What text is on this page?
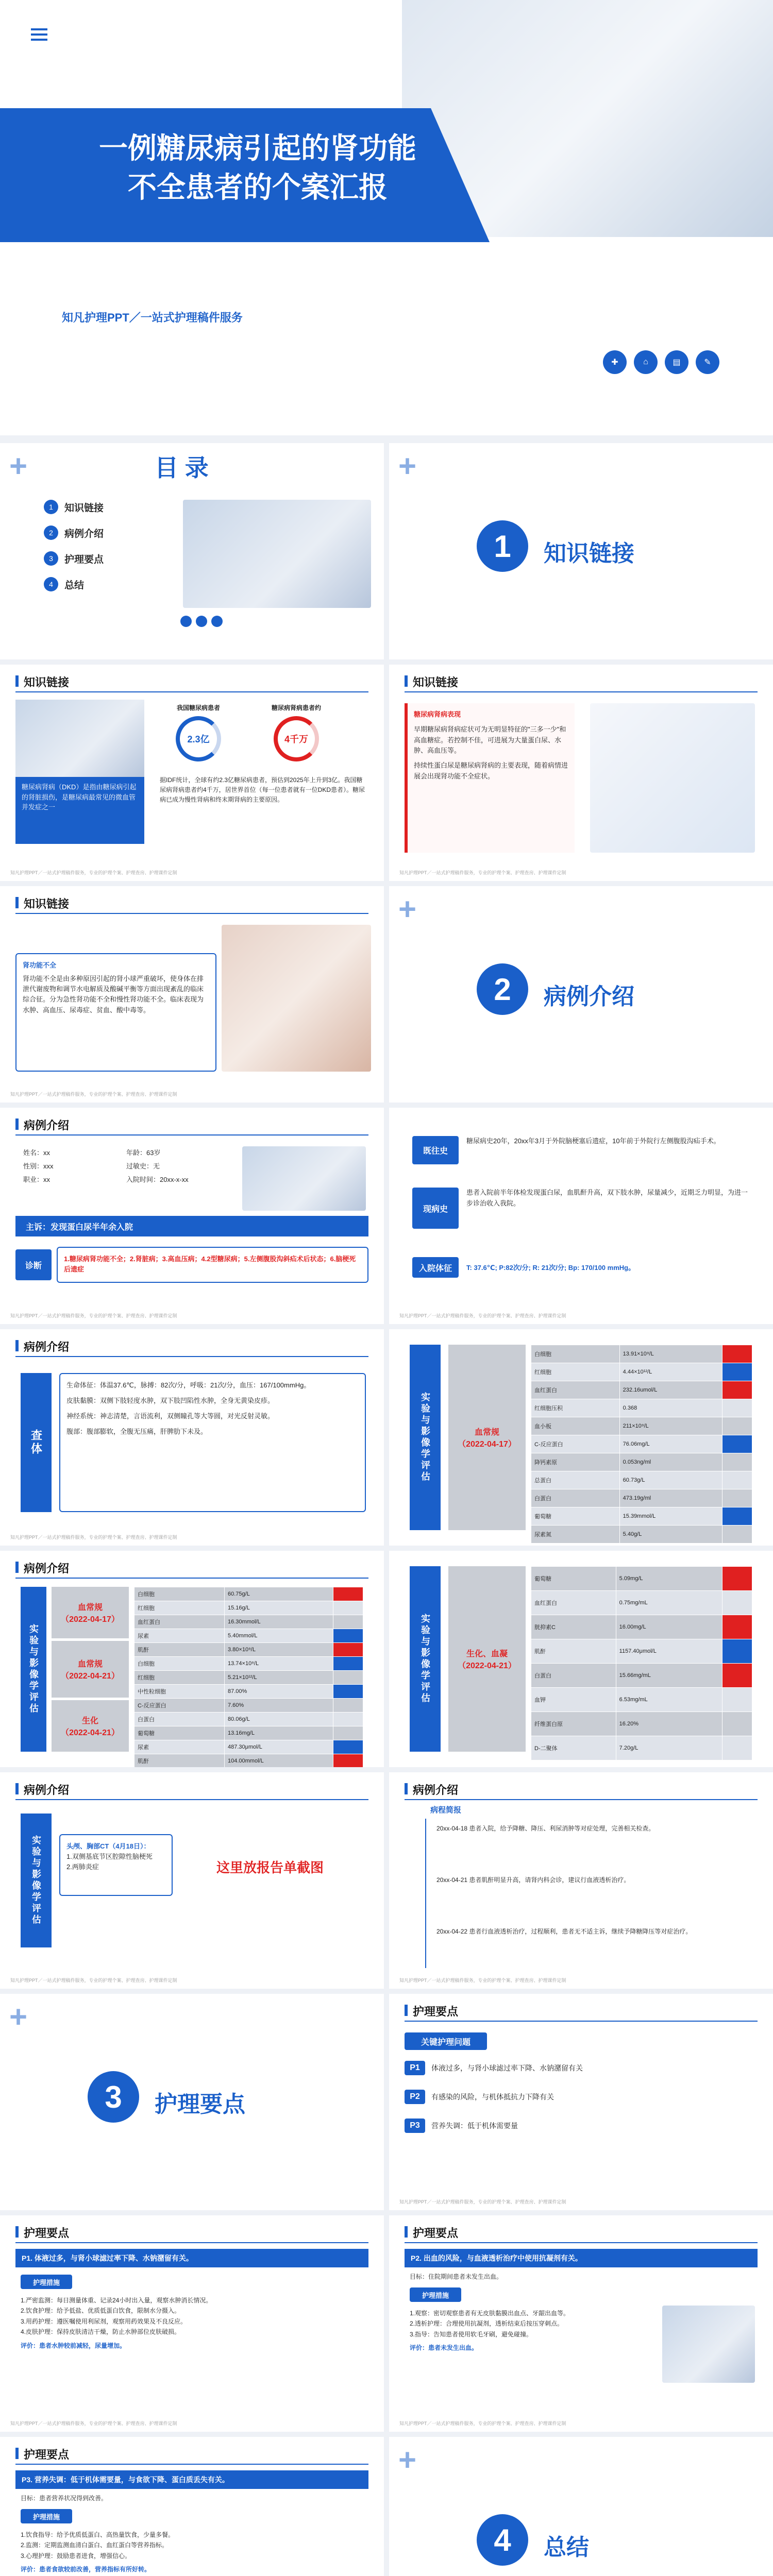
一例糖尿病引起的肾功能
不全患者的个案汇报
知凡护理PPT／一站式护理稿件服务
✚	⌂	▤	✎
+	目 录
1	知识链接
2	病例介绍
3	护理要点
4	总结
+
1	知识链接
知识链接
糖尿病肾病（DKD）是指由糖尿病引起的肾脏损伤，是糖尿病最常见的微血管并发症之一
我国糖尿病患者
2.3亿
糖尿病肾病患者约
4千万
据IDF统计，全球有约2.3亿糖尿病患者，预估到2025年上升到3亿。我国糖尿病肾病患者约4千万，居世界首位（每一位患者就有一位DKD患者）。糖尿病已成为慢性肾病和终末期肾病的主要原因。
知凡护理PPT／一站式护理稿件服务，专业的护理个案、护理查房、护理课件定制
知识链接
糖尿病肾病表现
早期糖尿病肾病症状可为无明显特征的"三多一少"和高血糖症。若控制不佳，可进展为大量蛋白尿、水肿、高血压等。
持续性蛋白尿是糖尿病肾病的主要表现，随着病情进展会出现肾功能不全症状。
知凡护理PPT／一站式护理稿件服务，专业的护理个案、护理查房、护理课件定制
知识链接
肾功能不全
肾功能不全是由多种原因引起的肾小球严重破坏，使身体在排泄代谢废物和调节水电解质及酸碱平衡等方面出现紊乱的临床综合征。分为急性肾功能不全和慢性肾功能不全。临床表现为水肿、高血压、尿毒症、贫血、酸中毒等。
知凡护理PPT／一站式护理稿件服务，专业的护理个案、护理查房、护理课件定制
+
2	病例介绍
病例介绍
姓名：xx	年龄：63岁
性别：xxx	过敏史：无
职业：xx	入院时间：20xx-x-xx
主诉：发现蛋白尿半年余入院
诊断
1.糖尿病肾功能不全；2.肾脏病；3.高血压病；4.2型糖尿病；5.左侧腹股沟斜疝术后状态；6.脑梗死后遗症
知凡护理PPT／一站式护理稿件服务，专业的护理个案、护理查房、护理课件定制
既往史
糖尿病史20年，20xx年3月于外院脑梗塞后遗症，10年前于外院行左侧腹股沟疝手术。
现病史
患者入院前半年体检发现蛋白尿，血肌酐升高，双下肢水肿，尿量减少，近期乏力明显，为进一步诊治收入我院。
入院体征	T: 37.6℃; P:82次/分; R: 21次/分; Bp: 170/100 mmHg。
知凡护理PPT／一站式护理稿件服务，专业的护理个案、护理查房、护理课件定制
病例介绍
查体
生命体征：体温37.6℃，脉搏：82次/分，呼吸：21次/分，血压：167/100mmHg。
皮肤黏膜：双侧下肢轻度水肿，双下肢凹陷性水肿，全身无黄染皮疹。
神经系统：神志清楚，言语流利，双侧瞳孔等大等圆，对光反射灵敏。
腹部：腹部膨软，全腹无压痛，肝脾肋下未及。
知凡护理PPT／一站式护理稿件服务，专业的护理个案、护理查房、护理课件定制
实验与影像学评估	血常规
（2022-04-17）
白细胞	13.91×10⁹/L	
红细胞	4.44×10¹²/L	
血红蛋白	232.16umol/L	
红细胞压积	0.368	
血小板	211×10⁹/L	
C-反应蛋白	76.06mg/L	
降钙素原	0.053ng/ml	
总蛋白	60.73g/L	
白蛋白	473.19g/ml	
葡萄糖	15.39mmol/L	
尿素氮	5.40g/L	
病例介绍
实验与影像学评估
血常规
（2022-04-17）
血常规
（2022-04-21）
生化
（2022-04-21）
白细胞	60.75g/L	
红细胞	15.16g/L	
血红蛋白	16.30mmol/L	
尿素	5.40mmol/L	
肌酐	3.80×10⁹/L	
白细胞	13.74×10⁹/L	
红细胞	5.21×10¹²/L	
中性粒细胞	87.00%	
C-反应蛋白	7.60%	
白蛋白	80.06g/L	
葡萄糖	13.16mg/L	
尿素	487.30μmol/L	
肌酐	104.00mmol/L	
实验与影像学评估	生化、血凝
（2022-04-21）
葡萄糖	5.09mg/L	
血红蛋白	0.75mg/mL	
胱抑素C	16.00mg/L	
肌酐	1157.40μmol/L	
白蛋白	15.66mg/mL	
血钾	6.53mg/mL	
纤维蛋白原	16.20%	
D-二聚体	7.20g/L	
病例介绍
实验与影像学评估	头颅、胸部CT（4月18日）：
1.双侧基底节区腔隙性脑梗死
2.两肺炎症	这里放报告单截图
知凡护理PPT／一站式护理稿件服务，专业的护理个案、护理查房、护理课件定制
病例介绍
病程简报
20xx-04-18 患者入院，给予降糖、降压、利尿消肿等对症处理，完善相关检查。
20xx-04-21 患者肌酐明显升高，请肾内科会诊，建议行血液透析治疗。
20xx-04-22 患者行血液透析治疗，过程顺利，患者无不适主诉，继续予降糖降压等对症治疗。
知凡护理PPT／一站式护理稿件服务，专业的护理个案、护理查房、护理课件定制
+
3	护理要点
护理要点
关键护理问题
P1	体液过多，与肾小球滤过率下降、水钠潴留有关
P2	有感染的风险，与机体抵抗力下降有关
P3	营养失调：低于机体需要量
知凡护理PPT／一站式护理稿件服务，专业的护理个案、护理查房、护理课件定制
护理要点
P1. 体液过多，与肾小球滤过率下降、水钠潴留有关。
护理措施
1.严密监测：每日测量体重、记录24小时出入量，观察水肿消长情况。
2.饮食护理：给予低盐、优质低蛋白饮食，限制水分摄入。
3.用药护理：遵医嘱使用利尿剂，观察用药效果及不良反应。
4.皮肤护理：保持皮肤清洁干燥，防止水肿部位皮肤破损。
评价：患者水肿较前减轻，尿量增加。
知凡护理PPT／一站式护理稿件服务，专业的护理个案、护理查房、护理课件定制
护理要点
P2. 出血的风险，与血液透析治疗中使用抗凝剂有关。
目标：住院期间患者未发生出血。
护理措施
1.观察：密切观察患者有无皮肤黏膜出血点、牙龈出血等。
2.透析护理：合理使用抗凝剂，透析结束后按压穿刺点。
3.指导：告知患者使用软毛牙刷，避免碰撞。
评价：患者未发生出血。
知凡护理PPT／一站式护理稿件服务，专业的护理个案、护理查房、护理课件定制
护理要点
P3. 营养失调：低于机体需要量，与食欲下降、蛋白质丢失有关。
目标：患者营养状况得到改善。
护理措施
1.饮食指导：给予优质低蛋白、高热量饮食，少量多餐。
2.监测：定期监测血清白蛋白、血红蛋白等营养指标。
3.心理护理：鼓励患者进食，增强信心。
评价：患者食欲较前改善，营养指标有所好转。
+
4	总结
